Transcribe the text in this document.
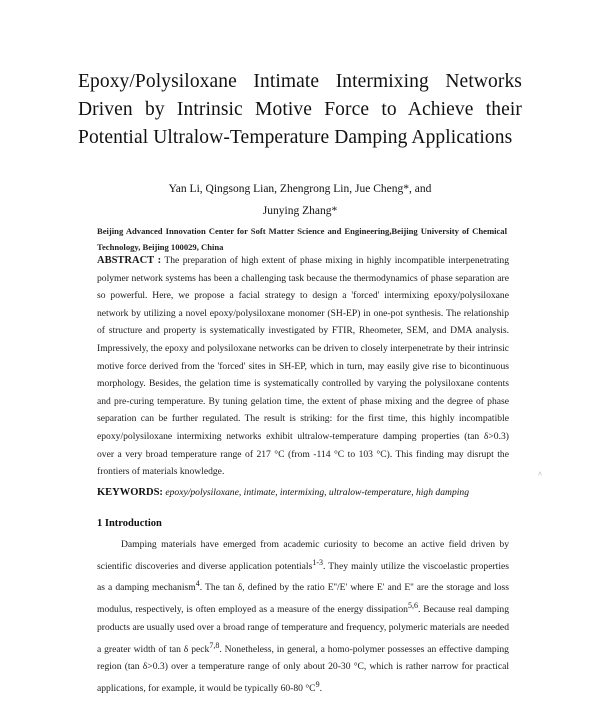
Epoxy/Polysiloxane Intimate Intermixing Networks
Driven by Intrinsic Motive Force to Achieve their
Potential Ultralow-Temperature Damping Applications
Yan Li, Qingsong Lian, Zhengrong Lin, Jue Cheng*, and
Junying Zhang*
Beijing Advanced Innovation Center for Soft Matter Science and Engineering,Beijing University of Chemical
Technology, Beijing 100029, China
ABSTRACT : The preparation of high extent of phase mixing in highly incompatible interpenetrating polymer network systems has been a challenging task because the thermodynamics of phase separation are so powerful. Here, we propose a facial strategy to design a 'forced' intermixing epoxy/polysiloxane network by utilizing a novel epoxy/polysiloxane monomer (SH-EP) in one-pot synthesis. The relationship of structure and property is systematically investigated by FTIR, Rheometer, SEM, and DMA analysis. Impressively, the epoxy and polysiloxane networks can be driven to closely interpenetrate by their intrinsic motive force derived from the 'forced' sites in SH-EP, which in turn, may easily give rise to bicontinuous morphology. Besides, the gelation time is systematically controlled by varying the polysiloxane contents and pre-curing temperature. By tuning gelation time, the extent of phase mixing and the degree of phase separation can be further regulated. The result is striking: for the first time, this highly incompatible epoxy/polysiloxane intermixing networks exhibit ultralow-temperature damping properties (tan δ>0.3) over a very broad temperature range of 217 °C (from -114 °C to 103 °C). This finding may disrupt the frontiers of materials knowledge.
KEYWORDS: epoxy/polysiloxane, intimate, intermixing, ultralow-temperature, high damping
1 Introduction
Damping materials have emerged from academic curiosity to become an active field driven by scientific discoveries and diverse application potentials$^{1-3}$. They mainly utilize the viscoelastic properties as a damping mechanism$^4$. The tan δ, defined by the ratio E''/E' where E' and E'' are the storage and loss modulus, respectively, is often employed as a measure of the energy dissipation$^{5,6}$. Because real damping products are usually used over a broad range of temperature and frequency, polymeric materials are needed a greater width of tan δ peck$^{7,8}$. Nonetheless, in general, a homo-polymer possesses an effective damping region (tan δ>0.3) over a temperature range of only about 20-30 °C, which is rather narrow for practical applications, for example, it would be typically 60-80 $^\circ C^9$.
^
